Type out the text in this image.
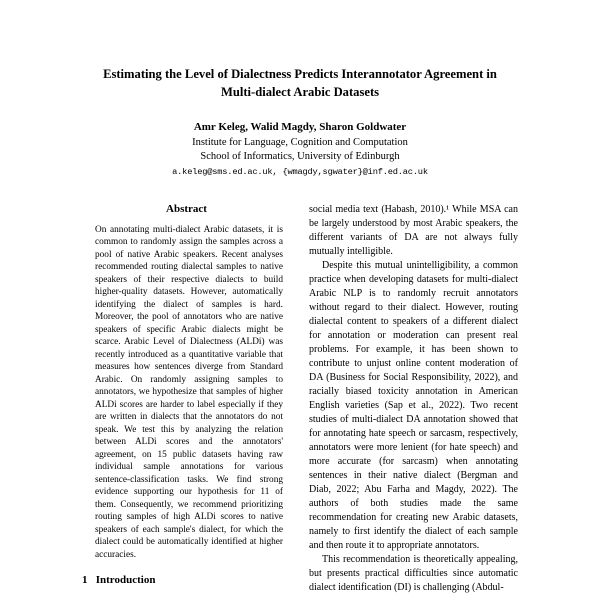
Estimating the Level of Dialectness Predicts Interannotator Agreement in Multi-dialect Arabic Datasets
Amr Keleg, Walid Magdy, Sharon Goldwater
Institute for Language, Cognition and Computation
School of Informatics, University of Edinburgh
a.keleg@sms.ed.ac.uk, {wmagdy,sgwater}@inf.ed.ac.uk
Abstract

On annotating multi-dialect Arabic datasets, it is common to randomly assign the samples across a pool of native Arabic speakers. Recent analyses recommended routing dialectal samples to native speakers of their respective dialects to build higher-quality datasets. However, automatically identifying the dialect of samples is hard. Moreover, the pool of annotators who are native speakers of specific Arabic dialects might be scarce. Arabic Level of Dialectness (ALDi) was recently introduced as a quantitative variable that measures how sentences diverge from Standard Arabic. On randomly assigning samples to annotators, we hypothesize that samples of higher ALDi scores are harder to label especially if they are written in dialects that the annotators do not speak. We test this by analyzing the relation between ALDi scores and the annotators' agreement, on 15 public datasets having raw individual sample annotations for various sentence-classification tasks. We find strong evidence supporting our hypothesis for 11 of them. Consequently, we recommend prioritizing routing samples of high ALDi scores to native speakers of each sample's dialect, for which the dialect could be automatically identified at higher accuracies.

1   Introduction

social media text (Habash, 2010).¹ While MSA can be largely understood by most Arabic speakers, the different variants of DA are not always fully mutually intelligible.

Despite this mutual unintelligibility, a common practice when developing datasets for multi-dialect Arabic NLP is to randomly recruit annotators without regard to their dialect. However, routing dialectal content to speakers of a different dialect for annotation or moderation can present real problems. For example, it has been shown to contribute to unjust online content moderation of DA (Business for Social Responsibility, 2022), and racially biased toxicity annotation in American English varieties (Sap et al., 2022). Two recent studies of multi-dialect DA annotation showed that for annotating hate speech or sarcasm, respectively, annotators were more lenient (for hate speech) and more accurate (for sarcasm) when annotating sentences in their native dialect (Bergman and Diab, 2022; Abu Farha and Magdy, 2022). The authors of both studies made the same recommendation for creating new Arabic datasets, namely to first identify the dialect of each sample and then route it to appropriate annotators.

This recommendation is theoretically appealing, but presents practical difficulties since automatic dialect identification (DI) is challenging (Abdul-
